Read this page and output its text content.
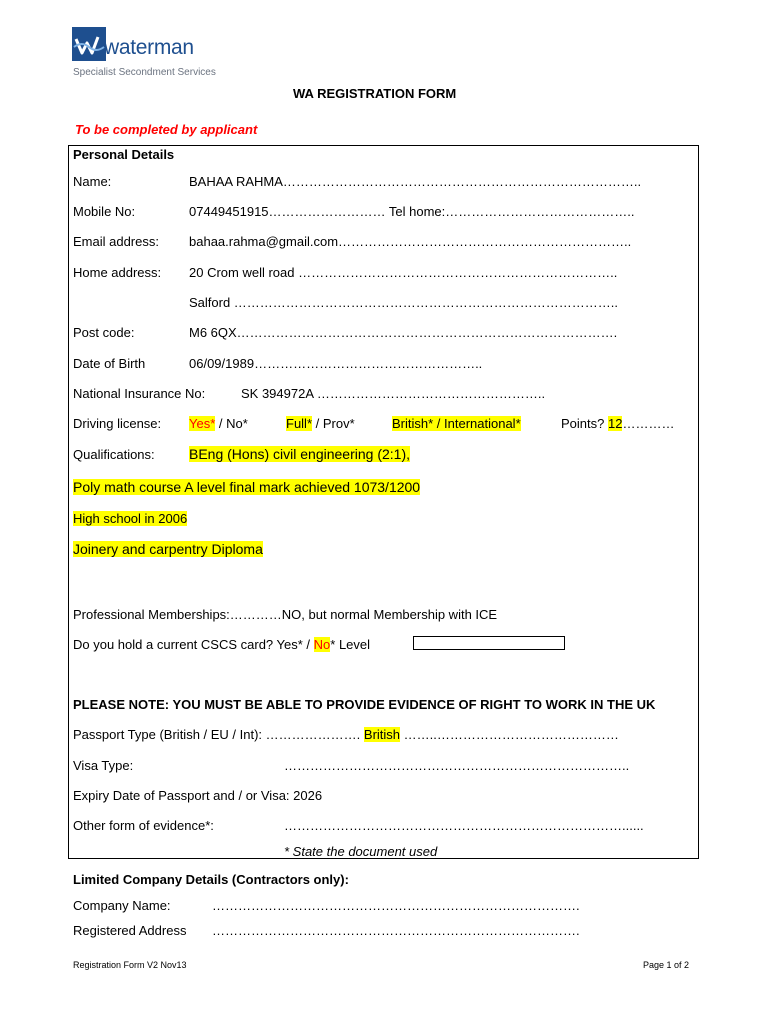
waterman
Specialist Secondment Services
WA REGISTRATION FORM
To be completed by applicant
Personal Details
Name:	BAHAA RAHMA………………………………………………………………………..
Mobile No:	07449451915……………………… Tel home:……………………………………..
Email address: bahaa.rahma@gmail.com…………………………………………………………..
Home address: 20 Crom well road ………………………………………………………………..
Salford ……………………………………………………………………………..
Post code:	M6 6QX…………………………………………………………………………….
Date of Birth	06/09/1989……………………………………………..
National Insurance No:	SK 394972A ……………………………………………..
Driving license: Yes* / No*	Full* / Prov*	British* / International*	Points? 12…………
Qualifications: BEng (Hons) civil engineering (2:1),
Poly math course A level final mark achieved 1073/1200
High school in 2006
Joinery and carpentry Diploma
Professional Memberships:…………NO, but normal Membership with ICE
Do you hold a current CSCS card? Yes* / No* Level
PLEASE NOTE: YOU MUST BE ABLE TO PROVIDE EVIDENCE OF RIGHT TO WORK IN THE UK
Passport Type (British / EU / Int): …………………. British ……..……………………………………
Visa Type:	……………………………………………………………………..
Expiry Date of Passport and / or Visa: 2026
Other form of evidence*:	……………………………………………………………………......
* State the document used
Limited Company Details (Contractors only):
Company Name:	………………………………………………………………………….
Registered Address ………………………………………………………………………….
Registration Form V2 Nov13	Page 1 of 2
